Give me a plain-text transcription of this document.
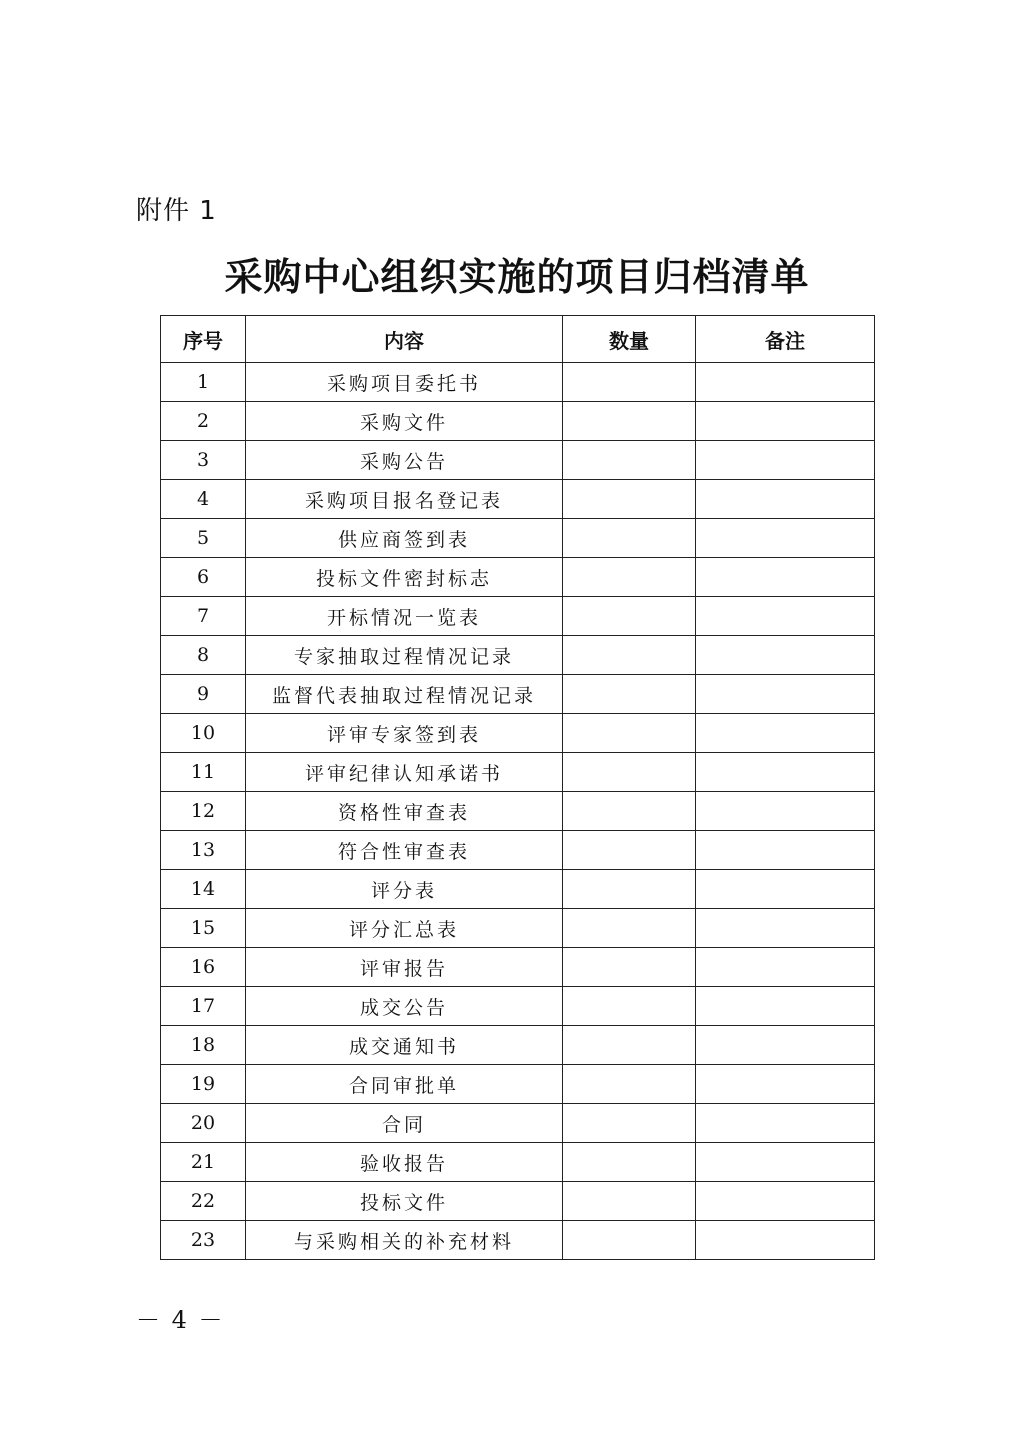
附件 1
采购中心组织实施的项目归档清单
序号	内容	数量	备注
1	采购项目委托书		
2	采购文件		
3	采购公告		
4	采购项目报名登记表		
5	供应商签到表		
6	投标文件密封标志		
7	开标情况一览表		
8	专家抽取过程情况记录		
9	监督代表抽取过程情况记录		
10	评审专家签到表		
11	评审纪律认知承诺书		
12	资格性审查表		
13	符合性审查表		
14	评分表		
15	评分汇总表		
16	评审报告		
17	成交公告		
18	成交通知书		
19	合同审批单		
20	合同		
21	验收报告		
22	投标文件		
23	与采购相关的补充材料		
－ 4 －
